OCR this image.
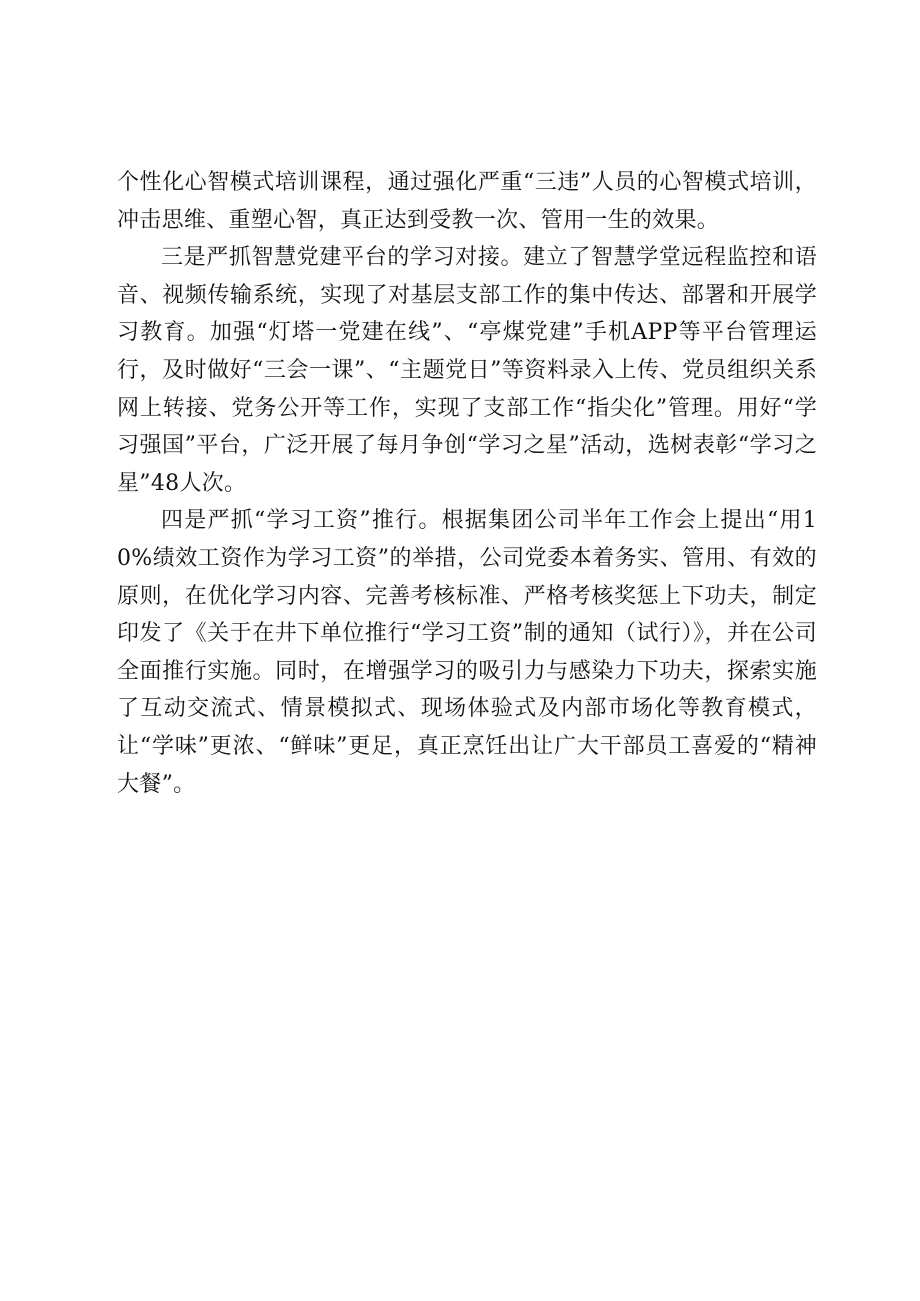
个性化心智模式培训课程，通过强化严重“三违”人员的心智模式培训，冲击思维、重塑心智，真正达到受教一次、管用一生的效果。

三是严抓智慧党建平台的学习对接。建立了智慧学堂远程监控和语音、视频传输系统，实现了对基层支部工作的集中传达、部署和开展学习教育。加强“灯塔一党建在线”、“亭煤党建”手机APP等平台管理运行，及时做好“三会一课”、“主题党日”等资料录入上传、党员组织关系网上转接、党务公开等工作，实现了支部工作“指尖化”管理。用好“学习强国”平台，广泛开展了每月争创“学习之星”活动，选树表彰“学习之星”48人次。

四是严抓“学习工资”推行。根据集团公司半年工作会上提出“用10%绩效工资作为学习工资”的举措，公司党委本着务实、管用、有效的原则，在优化学习内容、完善考核标准、严格考核奖惩上下功夫，制定印发了《关于在井下单位推行“学习工资”制的通知（试行）》，并在公司全面推行实施。同时，在增强学习的吸引力与感染力下功夫，探索实施了互动交流式、情景模拟式、现场体验式及内部市场化等教育模式，让“学味”更浓、“鲜味”更足，真正烹饪出让广大干部员工喜爱的“精神大餐”。
